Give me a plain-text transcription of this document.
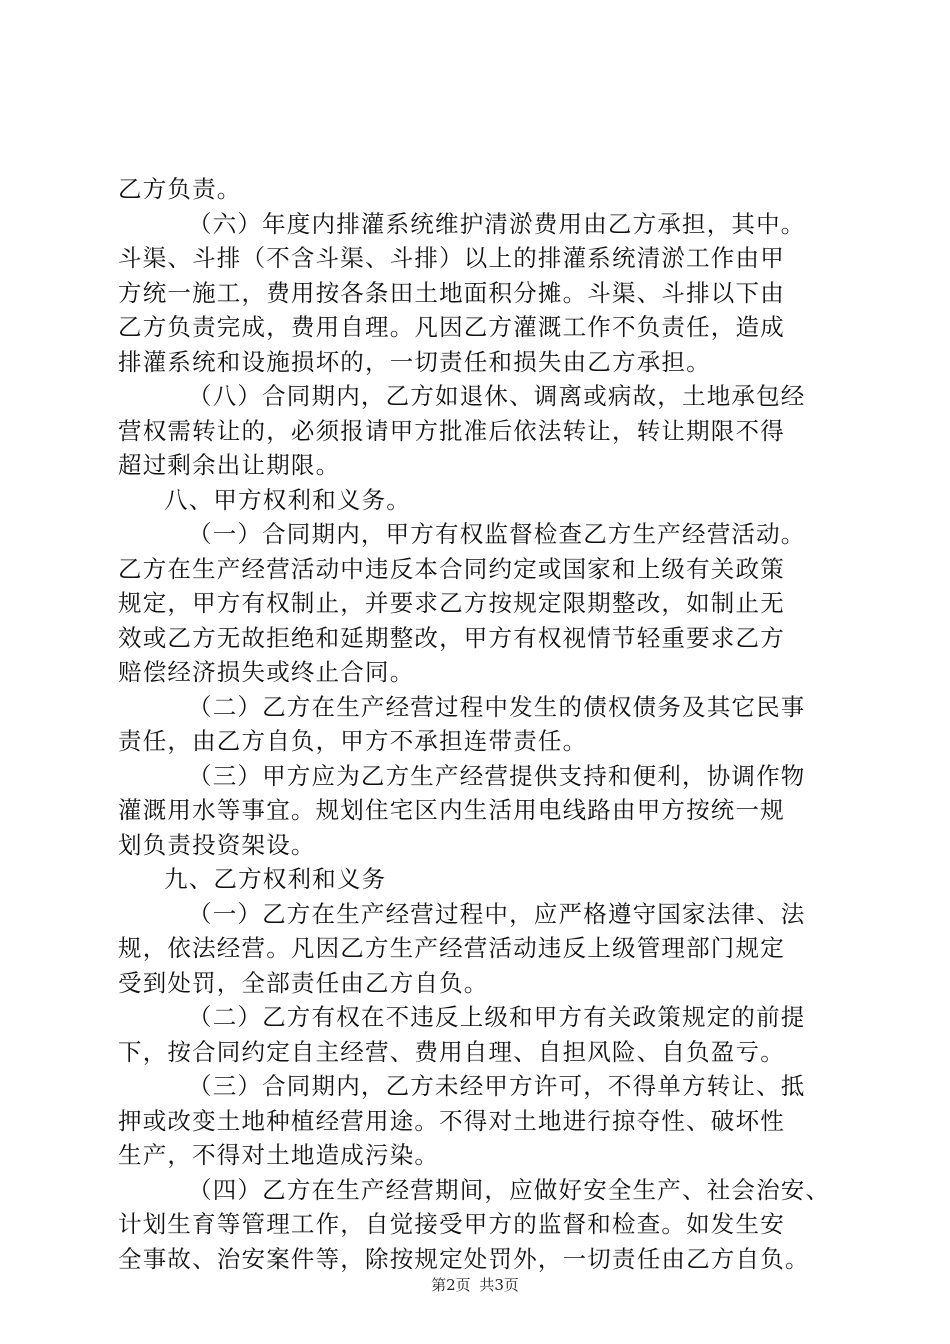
乙方负责。
（六）年度内排灌系统维护清淤费用由乙方承担，其中。
斗渠、斗排（不含斗渠、斗排）以上的排灌系统清淤工作由甲
方统一施工，费用按各条田土地面积分摊。斗渠、斗排以下由
乙方负责完成，费用自理。凡因乙方灌溉工作不负责任，造成
排灌系统和设施损坏的，一切责任和损失由乙方承担。
（八）合同期内，乙方如退休、调离或病故，土地承包经
营权需转让的，必须报请甲方批准后依法转让，转让期限不得
超过剩余出让期限。
八、甲方权利和义务。
（一）合同期内，甲方有权监督检查乙方生产经营活动。
乙方在生产经营活动中违反本合同约定或国家和上级有关政策
规定，甲方有权制止，并要求乙方按规定限期整改，如制止无
效或乙方无故拒绝和延期整改，甲方有权视情节轻重要求乙方
赔偿经济损失或终止合同。
（二）乙方在生产经营过程中发生的债权债务及其它民事
责任，由乙方自负，甲方不承担连带责任。
（三）甲方应为乙方生产经营提供支持和便利，协调作物
灌溉用水等事宜。规划住宅区内生活用电线路由甲方按统一规
划负责投资架设。
九、乙方权利和义务
（一）乙方在生产经营过程中，应严格遵守国家法律、法
规，依法经营。凡因乙方生产经营活动违反上级管理部门规定
受到处罚，全部责任由乙方自负。
（二）乙方有权在不违反上级和甲方有关政策规定的前提
下，按合同约定自主经营、费用自理、自担风险、自负盈亏。
（三）合同期内，乙方未经甲方许可，不得单方转让、抵
押或改变土地种植经营用途。不得对土地进行掠夺性、破坏性
生产，不得对土地造成污染。
（四）乙方在生产经营期间，应做好安全生产、社会治安、
计划生育等管理工作，自觉接受甲方的监督和检查。如发生安
全事故、治安案件等，除按规定处罚外，一切责任由乙方自负。
第2页 共3页
